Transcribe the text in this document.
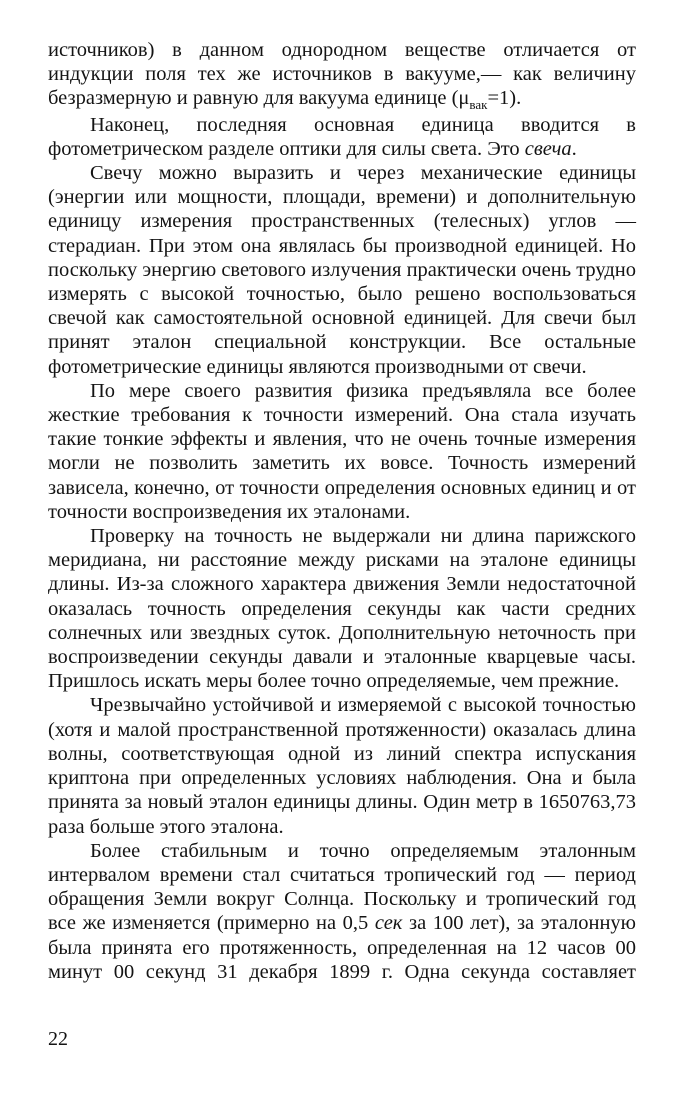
источников) в данном однородном веществе отличается от индукции поля тех же источников в вакууме,— как величину безразмерную и равную для вакуума единице $(\mu_{вак}=1)$.

Наконец, последняя основная единица вводится в фотометрическом разделе оптики для силы света. Это свеча.

Свечу можно выразить и через механические единицы (энергии или мощности, площади, времени) и дополнительную единицу измерения пространственных (телесных) углов — стерадиан. При этом она являлась бы производной единицей. Но поскольку энергию светового излучения практически очень трудно измерять с высокой точностью, было решено воспользоваться свечой как самостоятельной основной единицей. Для свечи был принят эталон специальной конструкции. Все остальные фотометрические единицы являются производными от свечи.

По мере своего развития физика предъявляла все более жесткие требования к точности измерений. Она стала изучать такие тонкие эффекты и явления, что не очень точные измерения могли не позволить заметить их вовсе. Точность измерений зависела, конечно, от точности определения основных единиц и от точности воспроизведения их эталонами.

Проверку на точность не выдержали ни длина парижского меридиана, ни расстояние между рисками на эталоне единицы длины. Из-за сложного характера движения Земли недостаточной оказалась точность определения секунды как части средних солнечных или звездных суток. Дополнительную неточность при воспроизведении секунды давали и эталонные кварцевые часы. Пришлось искать меры более точно определяемые, чем прежние.

Чрезвычайно устойчивой и измеряемой с высокой точностью (хотя и малой пространственной протяженности) оказалась длина волны, соответствующая одной из линий спектра испускания криптона при определенных условиях наблюдения. Она и была принята за новый эталон единицы длины. Один метр в 1650763,73 раза больше этого эталона.

Более стабильным и точно определяемым эталонным интервалом времени стал считаться тропический год — период обращения Земли вокруг Солнца. Поскольку и тропический год все же изменяется (примерно на 0,5 сек за 100 лет), за эталонную была принята его протяженность, определенная на 12 часов 00 минут 00 секунд 31 декабря 1899 г. Одна секунда составляет

22
